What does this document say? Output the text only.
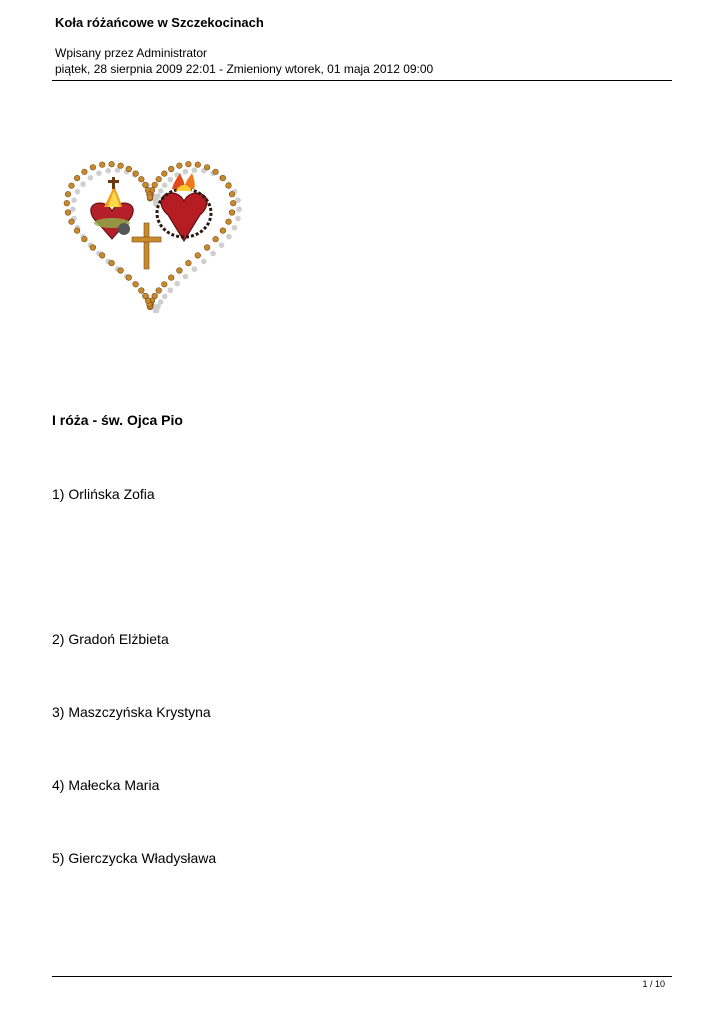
Koła różańcowe w Szczekocinach
Wpisany przez Administrator
piątek, 28 sierpnia 2009 22:01 - Zmieniony wtorek, 01 maja 2012 09:00
I róża - św. Ojca Pio
1) Orlińska Zofia
2) Gradoń Elżbieta
3) Maszczyńska Krystyna
4) Małecka Maria
5) Gierczycka Władysława
1 / 10
